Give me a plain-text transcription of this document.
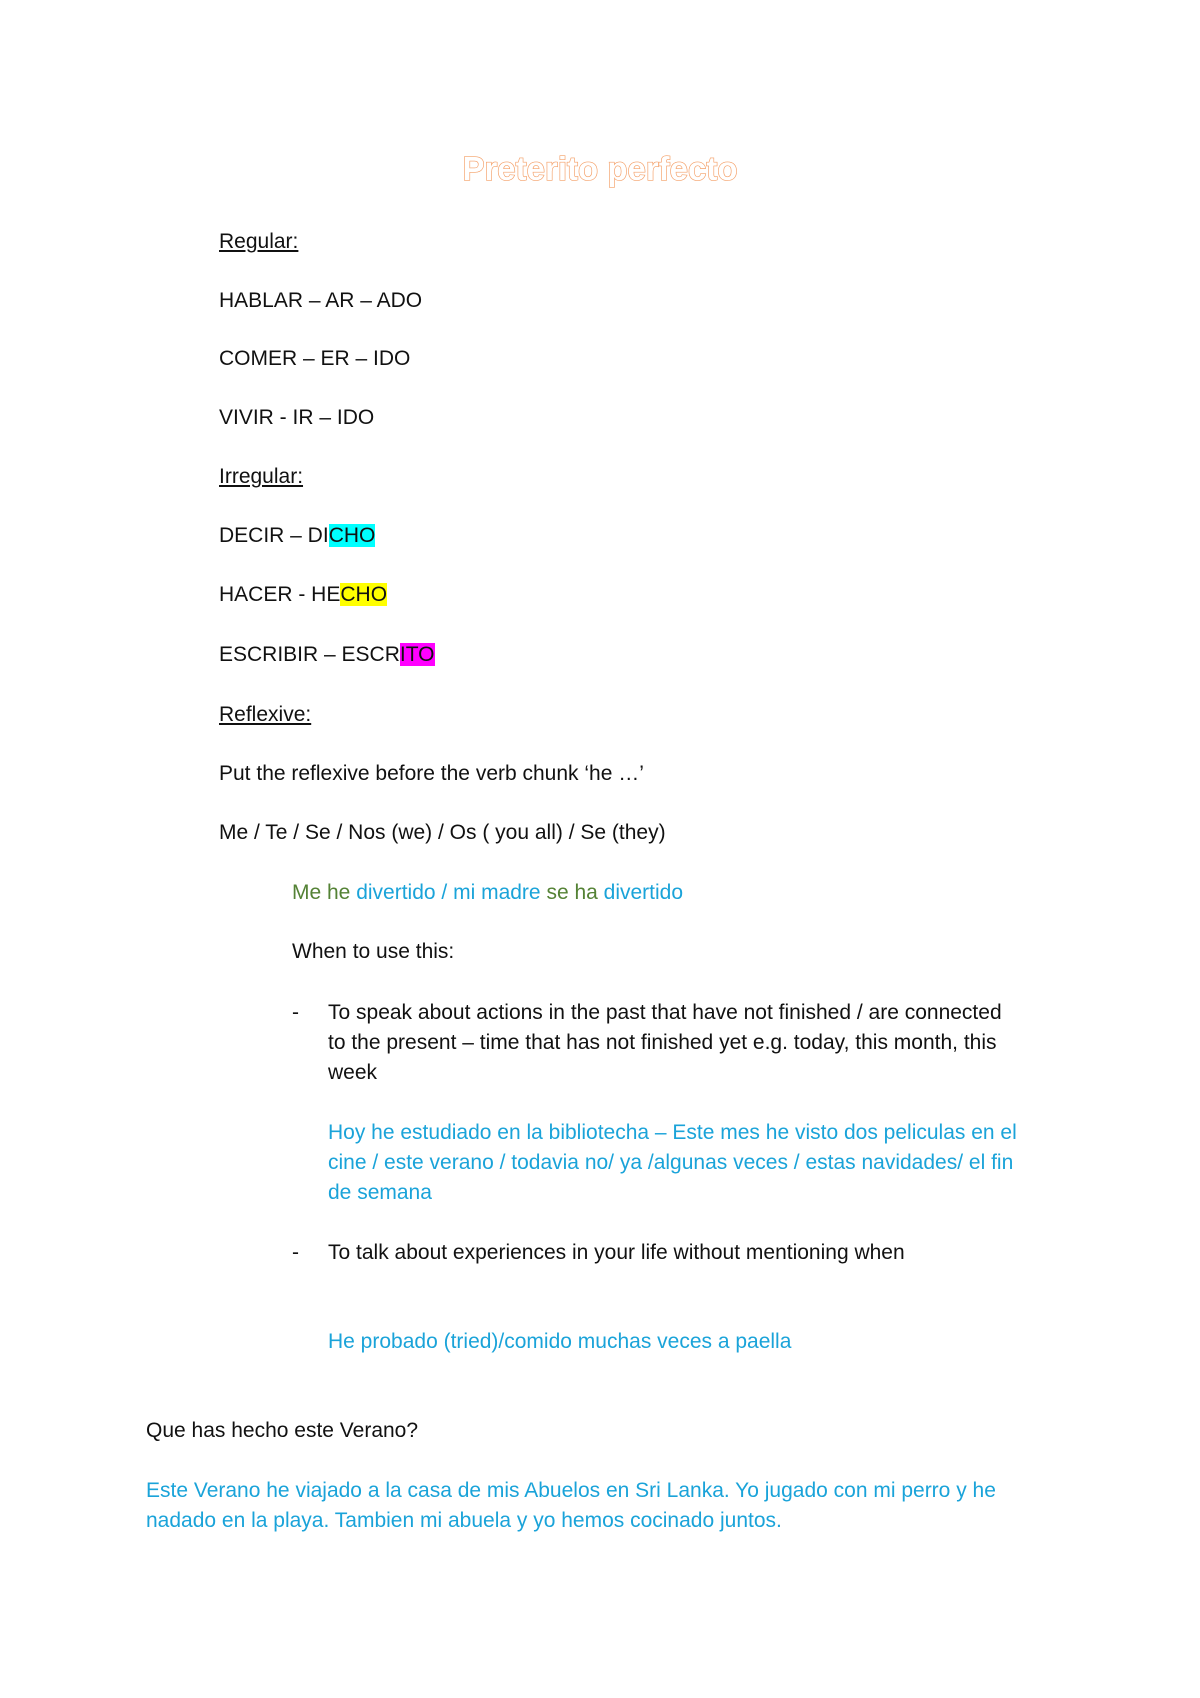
Preterito perfecto

Regular:

HABLAR – AR – ADO

COMER – ER – IDO

VIVIR - IR – IDO

Irregular:

DECIR – DICHO

HACER - HECHO

ESCRIBIR – ESCRITO

Reflexive:

Put the reflexive before the verb chunk ‘he …’

Me / Te / Se / Nos (we) / Os ( you all) / Se (they)

Me he divertido / mi madre se ha divertido

When to use this:

- To speak about actions in the past that have not finished / are connected
to the present – time that has not finished yet e.g. today, this month, this
week
Hoy he estudiado en la bibliotecha – Este mes he visto dos peliculas en el
cine / este verano / todavia no/ ya /algunas veces / estas navidades/ el fin
de semana
- To talk about experiences in your life without mentioning when
He probado (tried)/comido muchas veces a paella

Que has hecho este Verano?

Este Verano he viajado a la casa de mis Abuelos en Sri Lanka. Yo jugado con mi perro y he
nadado en la playa. Tambien mi abuela y yo hemos cocinado juntos.
